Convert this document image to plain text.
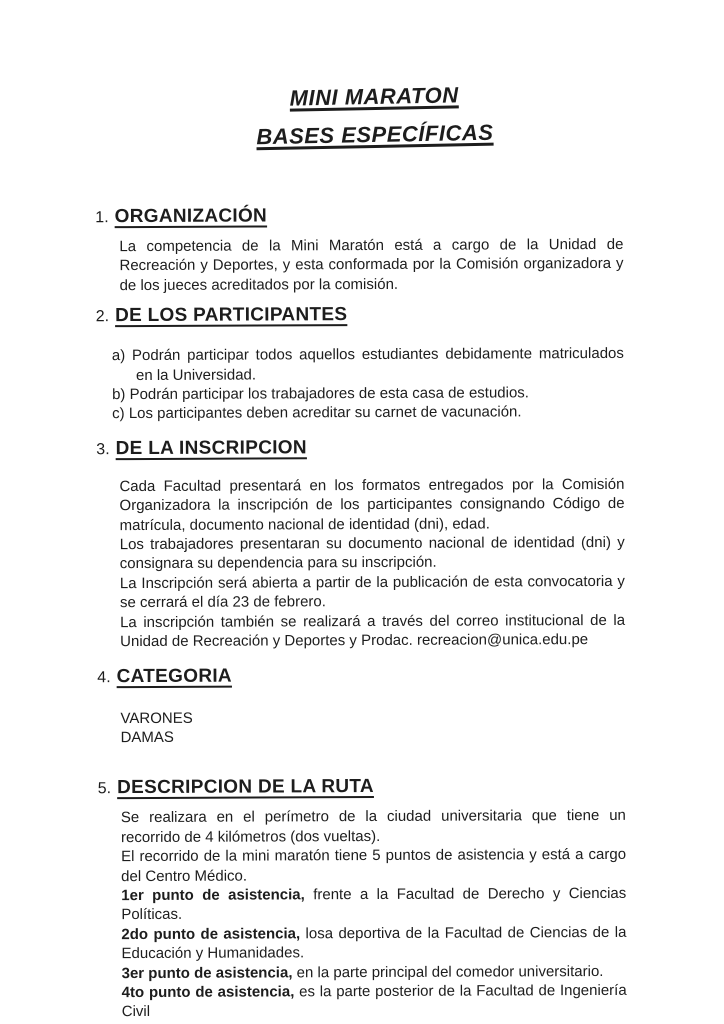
MINI MARATON
BASES ESPECÍFICAS
1. ORGANIZACIÓN

La competencia de la Mini Maratón está a cargo de la Unidad de Recreación y Deportes, y esta conformada por la Comisión organizadora y de los jueces acreditados por la comisión.

2. DE LOS PARTICIPANTES

a) Podrán participar todos aquellos estudiantes debidamente matriculados en la Universidad.

b) Podrán participar los trabajadores de esta casa de estudios.

c) Los participantes deben acreditar su carnet de vacunación.

3. DE LA INSCRIPCION

Cada Facultad presentará en los formatos entregados por la Comisión Organizadora la inscripción de los participantes consignando Código de matrícula, documento nacional de identidad (dni), edad.

Los trabajadores presentaran su documento nacional de identidad (dni) y consignara su dependencia para su inscripción.

La Inscripción será abierta a partir de la publicación de esta convocatoria y se cerrará el día 23 de febrero.

La inscripción también se realizará a través del correo institucional de la Unidad de Recreación y Deportes y Prodac. recreacion@unica.edu.pe

4. CATEGORIA

VARONES

DAMAS

5. DESCRIPCION DE LA RUTA

Se realizara en el perímetro de la ciudad universitaria que tiene un recorrido de 4 kilómetros (dos vueltas).

El recorrido de la mini maratón tiene 5 puntos de asistencia y está a cargo del Centro Médico.

1er punto de asistencia, frente a la Facultad de Derecho y Ciencias Políticas.

2do punto de asistencia, losa deportiva de la Facultad de Ciencias de la Educación y Humanidades.

3er punto de asistencia, en la parte principal del comedor universitario.

4to punto de asistencia, es la parte posterior de la Facultad de Ingeniería Civil
